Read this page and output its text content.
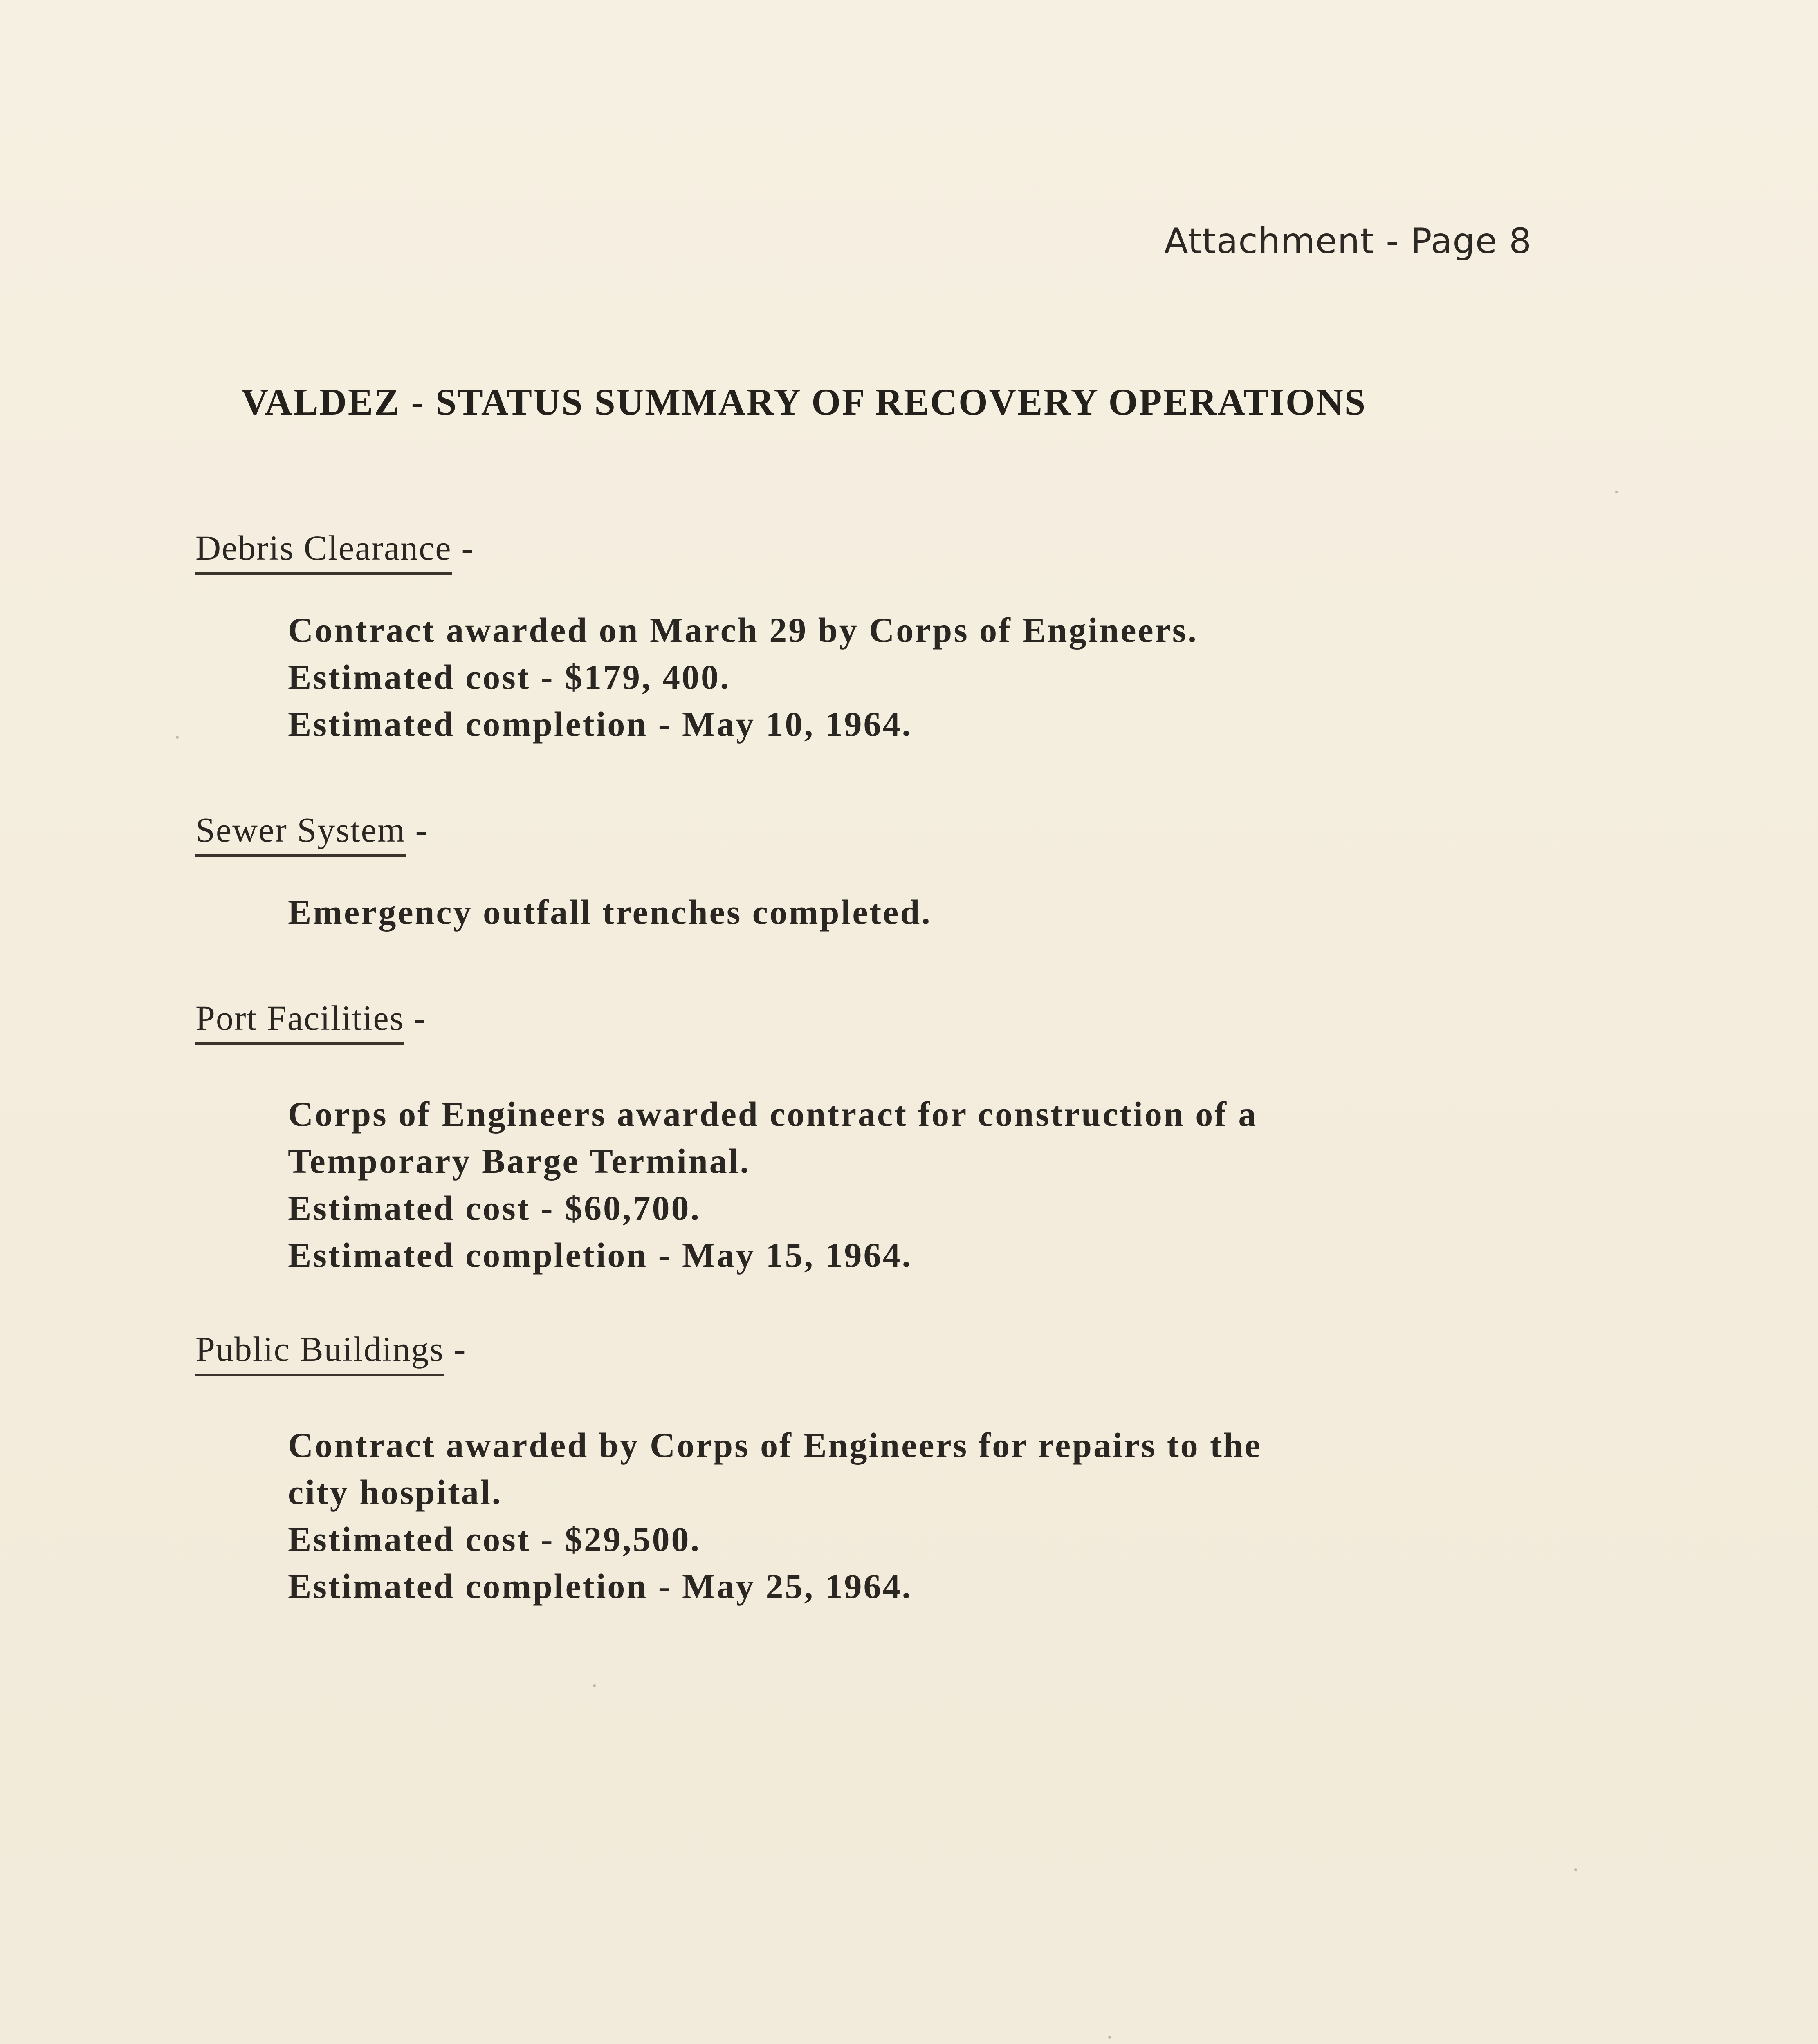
Attachment - Page 8
VALDEZ - STATUS SUMMARY OF RECOVERY OPERATIONS
Debris Clearance -
Contract awarded on March 29 by Corps of Engineers.
Estimated cost - $179, 400.
Estimated completion - May 10, 1964.
Sewer System -
Emergency outfall trenches completed.
Port Facilities -
Corps of Engineers awarded contract for construction of a
Temporary Barge Terminal.
Estimated cost - $60,700.
Estimated completion - May 15, 1964.
Public Buildings -
Contract awarded by Corps of Engineers for repairs to the
city hospital.
Estimated cost - $29,500.
Estimated completion - May 25, 1964.
